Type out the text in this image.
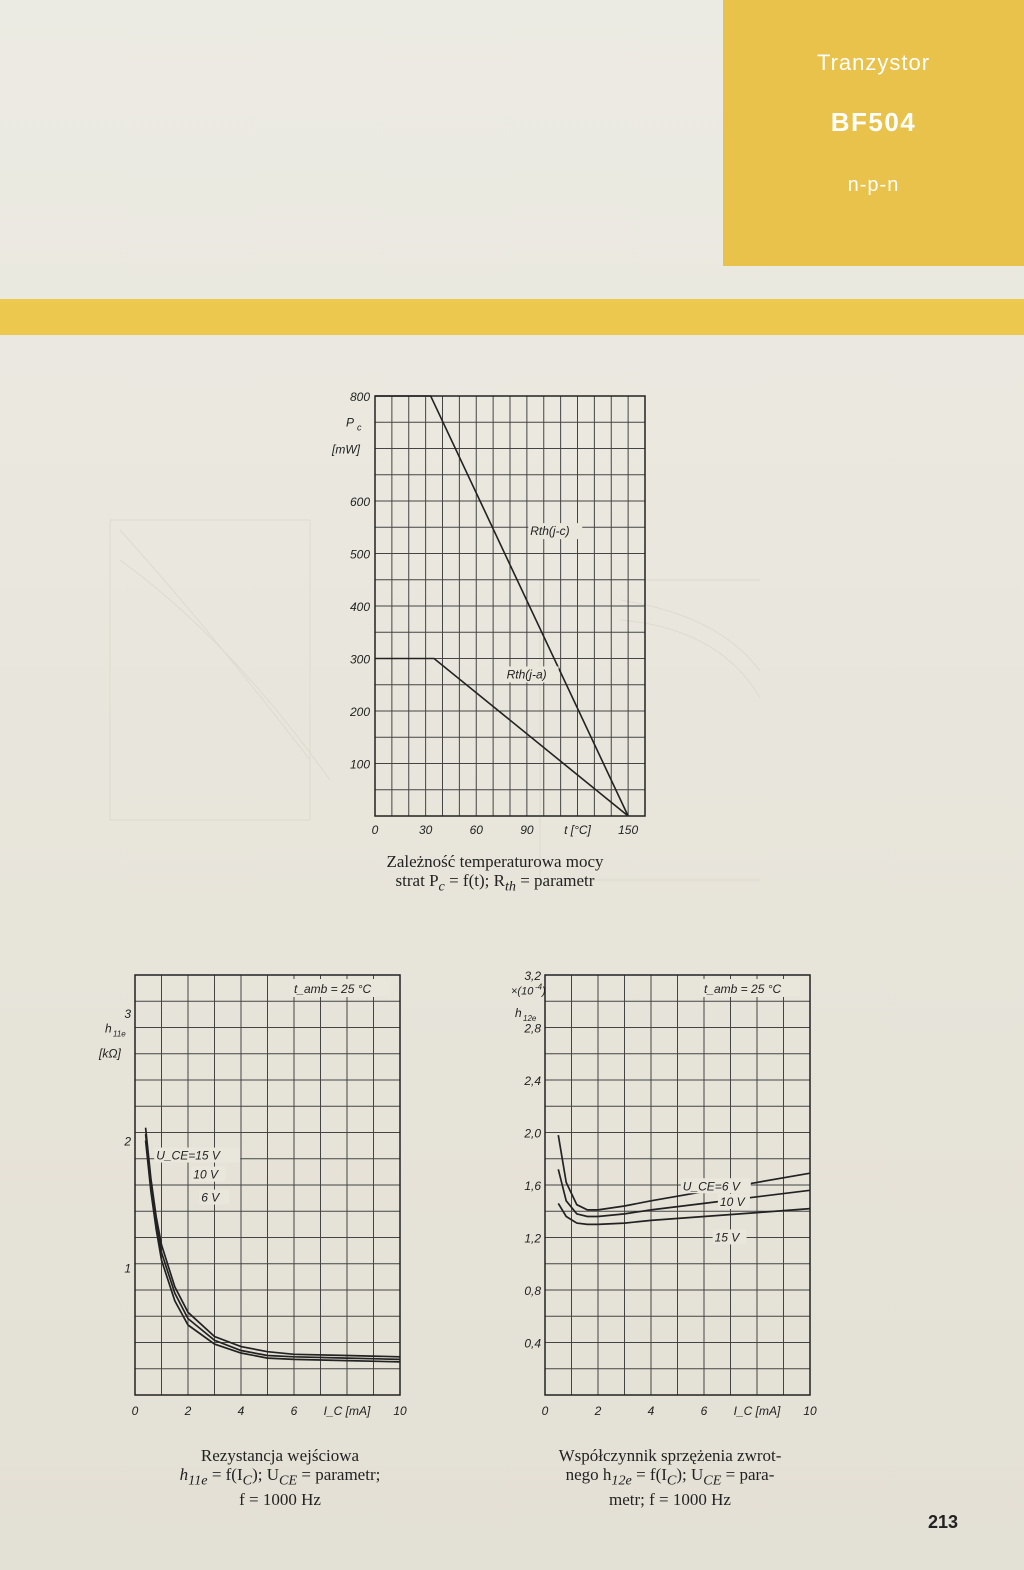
Tranzystor
BF504
n-p-n
100
200
300
400
500
600
800
0	30	60	90	150
t [°C]
P c
[mW]
Rth(j-c)
Rth(j-a)
Zależność temperaturowa mocy
strat $P_c = f(t)$; $R_{th}$ = parametr
1
2
3
0	2	4	6	10
I_C [mA]
t_amb = 25 °C
h 11e
[kΩ]
U_CE=15 V
10 V
6 V
Rezystancja wejściowa
$h_{11e} = f(I_C)$; $U_{CE}$ = parametr;
f = 1000 Hz
0,4
0,8
1,2
1,6
2,0
2,4
2,8
3,2
0	2	4	6	10
I_C [mA]
t_amb = 25 °C
×(10 -4 )
h 12e
U_CE=6 V
10 V
15 V
Współczynnik sprzężenia zwrot-
nego $h_{12e} = f(I_C)$; $U_{CE}$ = para-
metr; f = 1000 Hz
213
